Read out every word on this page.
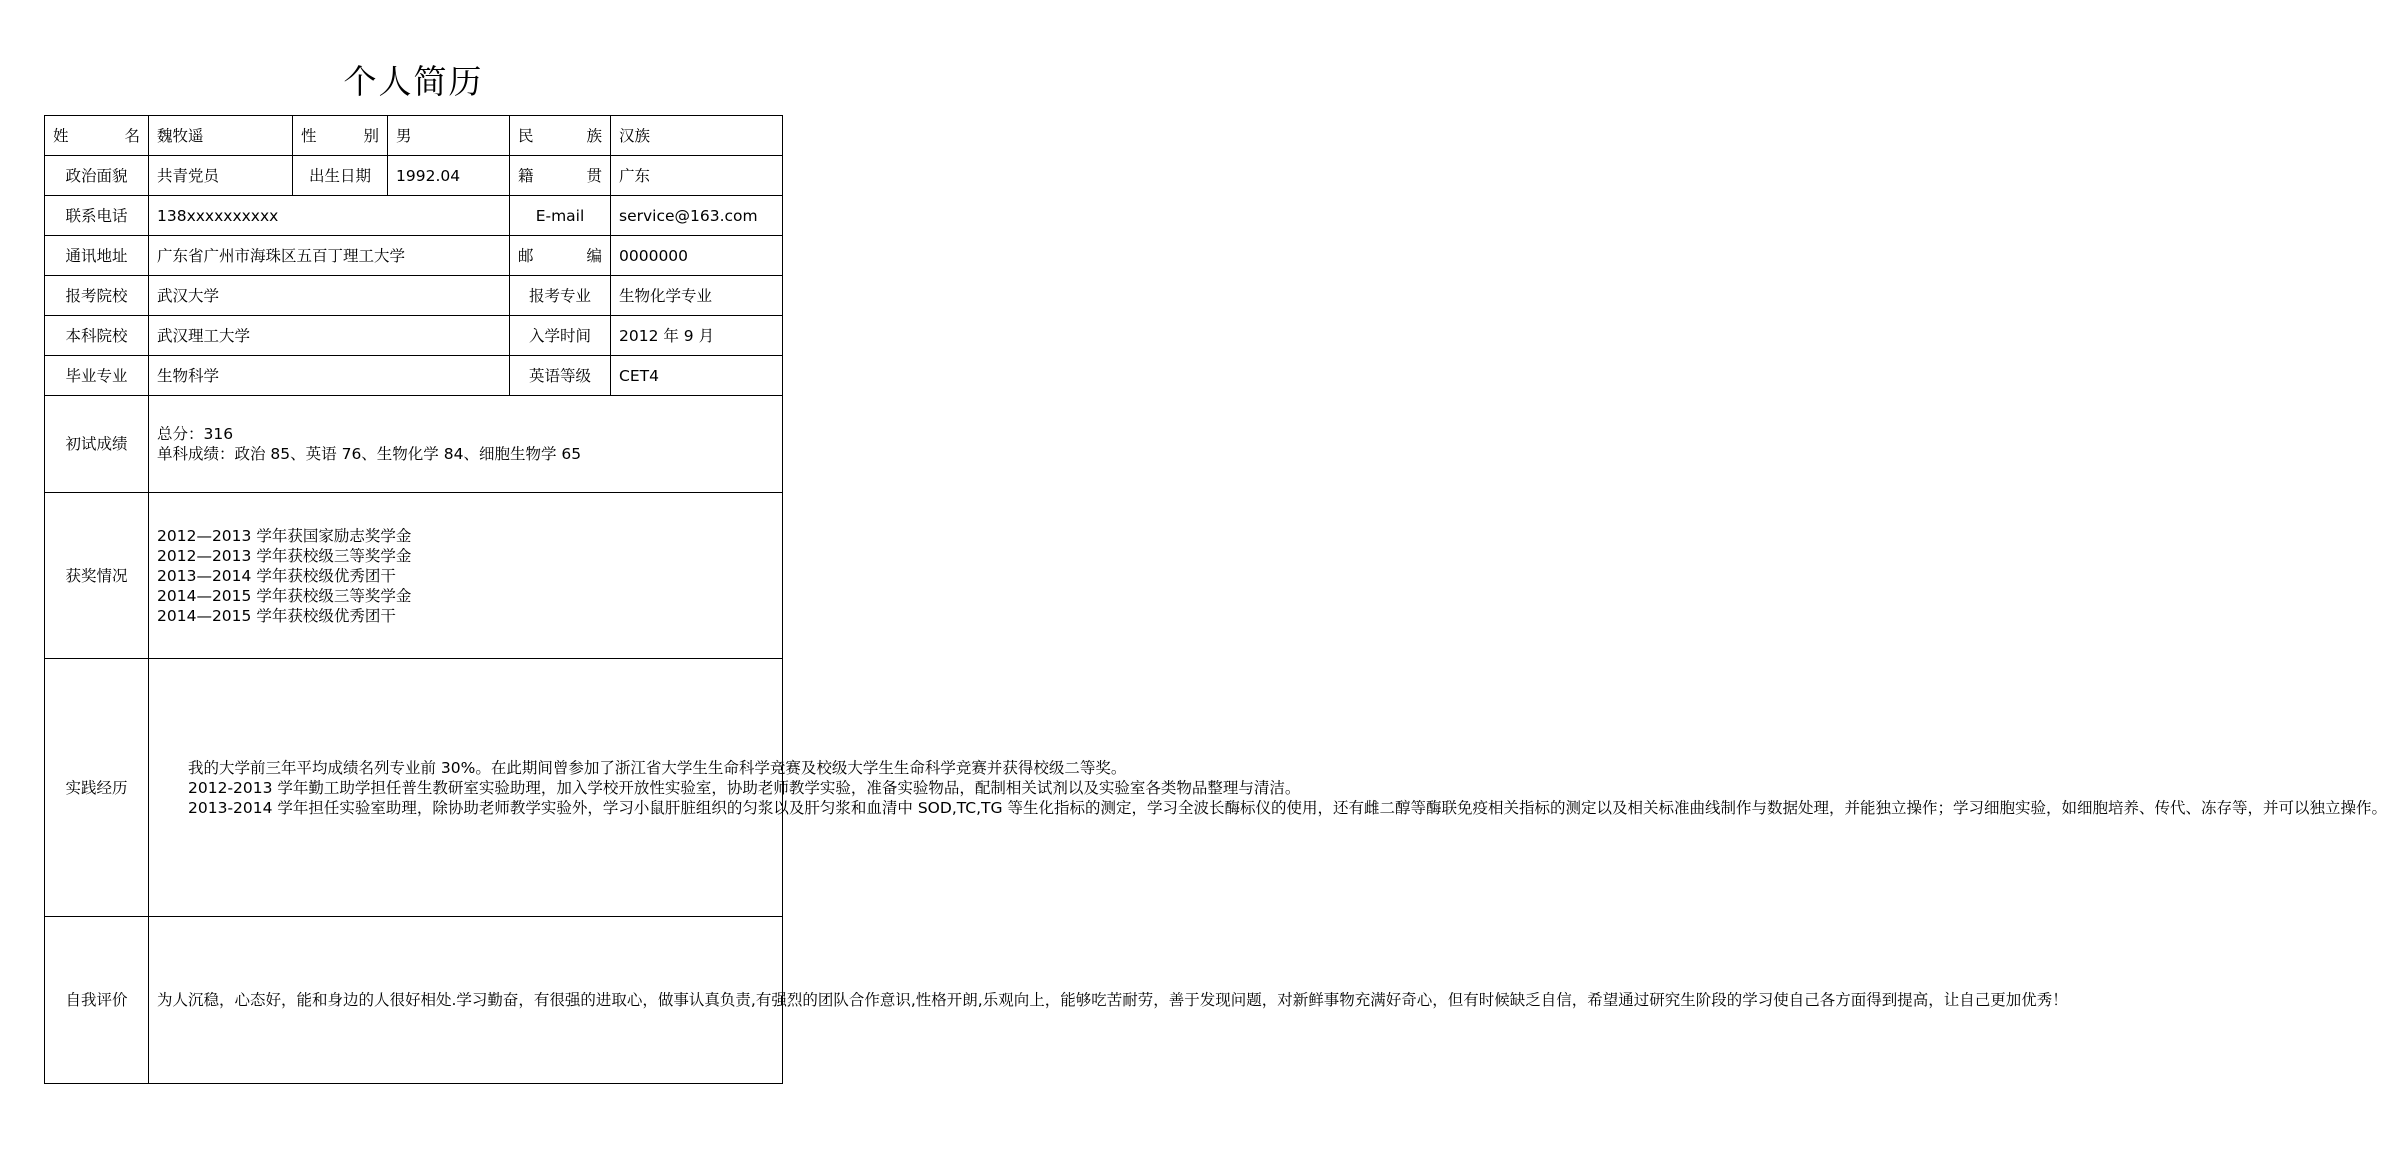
个人简历
姓名	魏牧遥	性别	男	民族	汉族
政治面貌	共青党员	出生日期	1992.04	籍贯	广东
联系电话	138xxxxxxxxxx			E-mail	service@163.com
通讯地址	广东省广州市海珠区五百丁理工大学			邮编	0000000
报考院校	武汉大学			报考专业	生物化学专业
本科院校	武汉理工大学			入学时间	2012 年 9 月
毕业专业	生物科学			英语等级	CET4
初试成绩	总分：316
单科成绩：政治 85、英语 76、生物化学 84、细胞生物学 65				

获奖情况	2012—2013 学年获国家励志奖学金
2012—2013 学年获校级三等奖学金
2013—2014 学年获校级优秀团干
2014—2015 学年获校级三等奖学金
2014—2015 学年获校级优秀团干				

实践经历	我的大学前三年平均成绩名列专业前 30%。在此期间曾参加了浙江省大学生生命科学竞赛及校级大学生生命科学竞赛并获得校级二等奖。

2012-2013 学年勤工助学担任普生教研室实验助理，加入学校开放性实验室，协助老师教学实验，准备实验物品，配制相关试剂以及实验室各类物品整理与清洁。

2013-2014 学年担任实验室助理，除协助老师教学实验外，学习小鼠肝脏组织的匀浆以及肝匀浆和血清中 SOD,TC,TG 等生化指标的测定，学习全波长酶标仪的使用，还有雌二醇等酶联免疫相关指标的测定以及相关标准曲线制作与数据处理，并能独立操作；学习细胞实验，如细胞培养、传代、冻存等，并可以独立操作。				

自我评价	为人沉稳，心态好，能和身边的人很好相处.学习勤奋，有很强的进取心，做事认真负责,有强烈的团队合作意识,性格开朗,乐观向上，能够吃苦耐劳，善于发现问题，对新鲜事物充满好奇心，但有时候缺乏自信，希望通过研究生阶段的学习使自己各方面得到提高，让自己更加优秀！				
